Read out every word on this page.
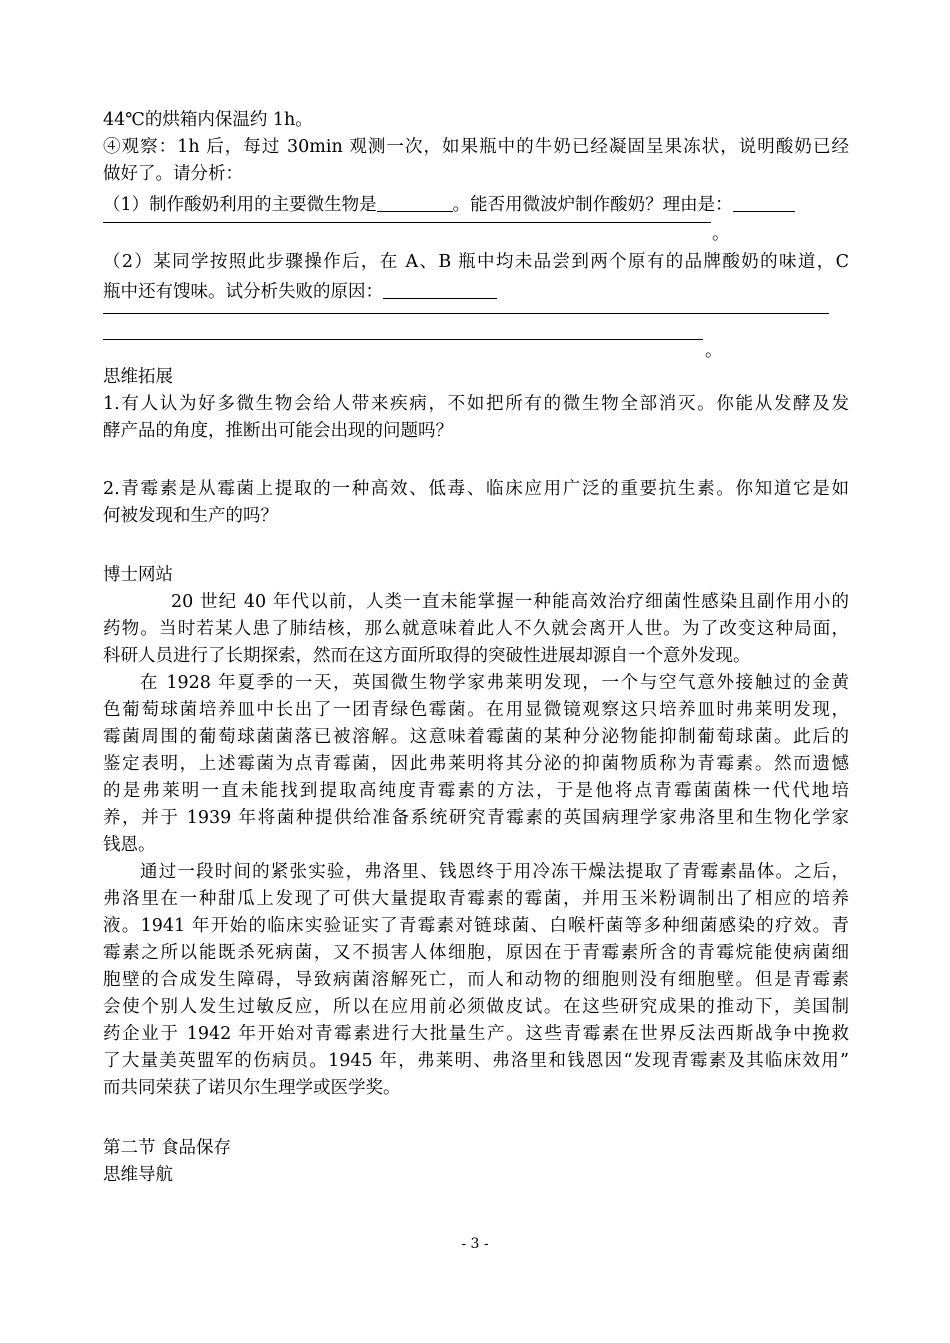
44℃的烘箱内保温约 1h。
④观察：1h 后，每过 30min 观测一次，如果瓶中的牛奶已经凝固呈果冻状，说明酸奶已经
做好了。请分析：
（1）制作酸奶利用的主要微生物是	。能否用微波炉制作酸奶？理由是：
。
（2）某同学按照此步骤操作后，在 A、B 瓶中均未品尝到两个原有的品牌酸奶的味道，C
瓶中还有馊味。试分析失败的原因：
。
思维拓展
1.有人认为好多微生物会给人带来疾病，不如把所有的微生物全部消灭。你能从发酵及发
酵产品的角度，推断出可能会出现的问题吗？
2.青霉素是从霉菌上提取的一种高效、低毒、临床应用广泛的重要抗生素。你知道它是如
何被发现和生产的吗？
博士网站
20 世纪 40 年代以前，人类一直未能掌握一种能高效治疗细菌性感染且副作用小的
药物。当时若某人患了肺结核，那么就意味着此人不久就会离开人世。为了改变这种局面，
科研人员进行了长期探索，然而在这方面所取得的突破性进展却源自一个意外发现。
在 1928 年夏季的一天，英国微生物学家弗莱明发现，一个与空气意外接触过的金黄
色葡萄球菌培养皿中长出了一团青绿色霉菌。在用显微镜观察这只培养皿时弗莱明发现，
霉菌周围的葡萄球菌菌落已被溶解。这意味着霉菌的某种分泌物能抑制葡萄球菌。此后的
鉴定表明，上述霉菌为点青霉菌，因此弗莱明将其分泌的抑菌物质称为青霉素。然而遗憾
的是弗莱明一直未能找到提取高纯度青霉素的方法，于是他将点青霉菌菌株一代代地培
养，并于 1939 年将菌种提供给准备系统研究青霉素的英国病理学家弗洛里和生物化学家
钱恩。
通过一段时间的紧张实验，弗洛里、钱恩终于用冷冻干燥法提取了青霉素晶体。之后，
弗洛里在一种甜瓜上发现了可供大量提取青霉素的霉菌，并用玉米粉调制出了相应的培养
液。1941 年开始的临床实验证实了青霉素对链球菌、白喉杆菌等多种细菌感染的疗效。青
霉素之所以能既杀死病菌，又不损害人体细胞，原因在于青霉素所含的青霉烷能使病菌细
胞壁的合成发生障碍，导致病菌溶解死亡，而人和动物的细胞则没有细胞壁。但是青霉素
会使个别人发生过敏反应，所以在应用前必须做皮试。在这些研究成果的推动下，美国制
药企业于 1942 年开始对青霉素进行大批量生产。这些青霉素在世界反法西斯战争中挽救
了大量美英盟军的伤病员。1945 年，弗莱明、弗洛里和钱恩因“发现青霉素及其临床效用”
而共同荣获了诺贝尔生理学或医学奖。
第二节 食品保存
思维导航
- 3 -
